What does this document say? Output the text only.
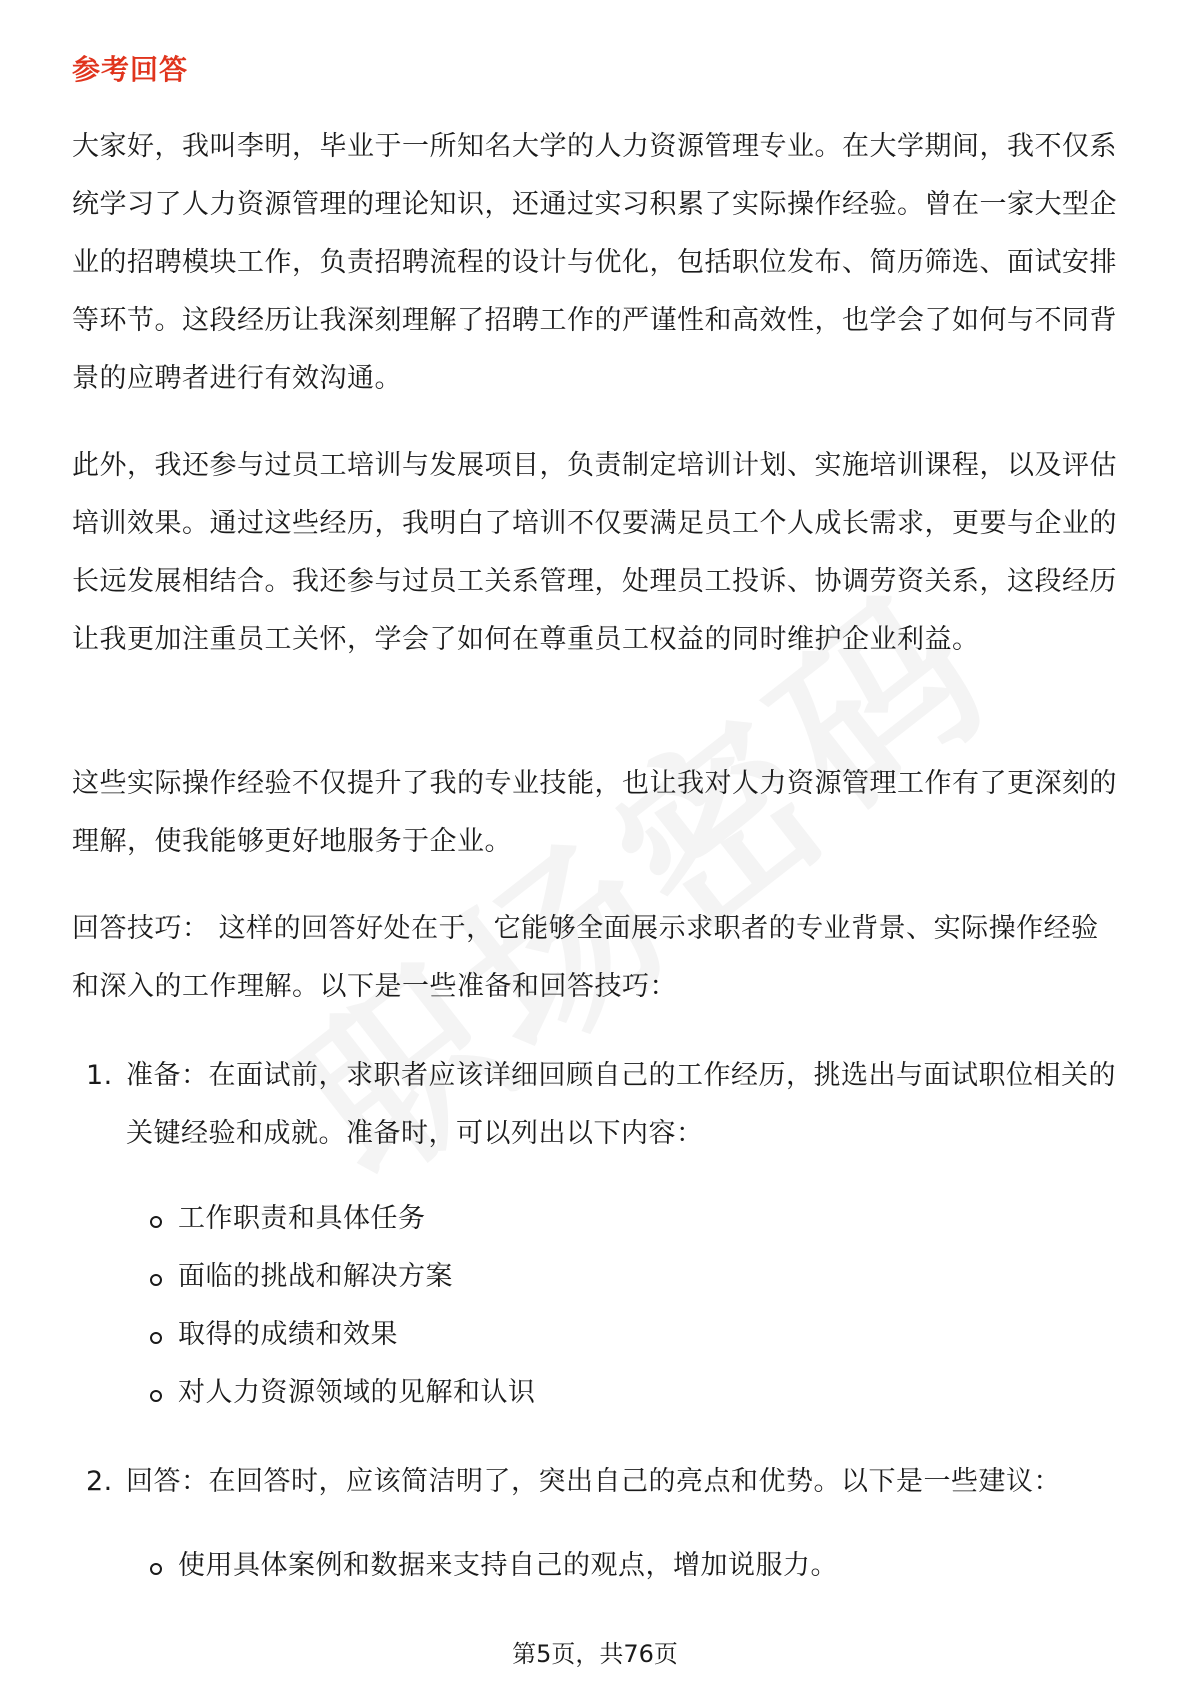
参考回答
大家好，我叫李明，毕业于一所知名大学的人力资源管理专业。在大学期间，我不仅系统学习了人力资源管理的理论知识，还通过实习积累了实际操作经验。曾在一家大型企业的招聘模块工作，负责招聘流程的设计与优化，包括职位发布、简历筛选、面试安排等环节。这段经历让我深刻理解了招聘工作的严谨性和高效性，也学会了如何与不同背景的应聘者进行有效沟通。
此外，我还参与过员工培训与发展项目，负责制定培训计划、实施培训课程，以及评估培训效果。通过这些经历，我明白了培训不仅要满足员工个人成长需求，更要与企业的长远发展相结合。我还参与过员工关系管理，处理员工投诉、协调劳资关系，这段经历让我更加注重员工关怀，学会了如何在尊重员工权益的同时维护企业利益。
这些实际操作经验不仅提升了我的专业技能，也让我对人力资源管理工作有了更深刻的理解，使我能够更好地服务于企业。
回答技巧： 这样的回答好处在于，它能够全面展示求职者的专业背景、实际操作经验和深入的工作理解。以下是一些准备和回答技巧：
1. 准备：在面试前，求职者应该详细回顾自己的工作经历，挑选出与面试职位相关的关键经验和成就。准备时，可以列出以下内容：
工作职责和具体任务
面临的挑战和解决方案
取得的成绩和效果
对人力资源领域的见解和认识
2. 回答：在回答时，应该简洁明了，突出自己的亮点和优势。以下是一些建议：
使用具体案例和数据来支持自己的观点，增加说服力。
第5页，共76页
